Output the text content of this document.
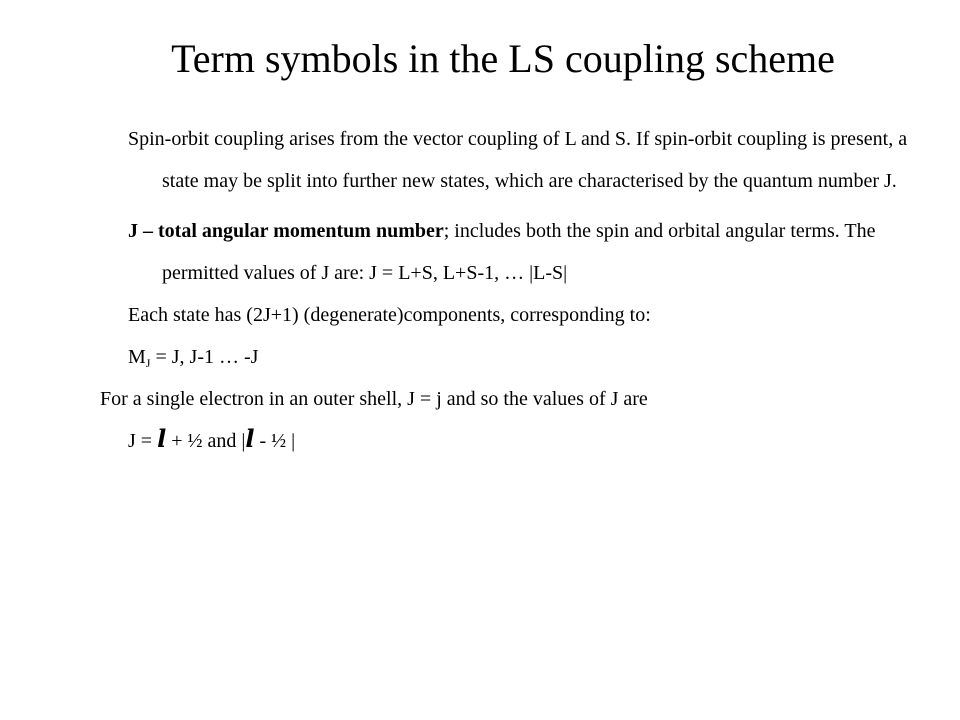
Term symbols in the LS coupling scheme

Spin-orbit coupling arises from the vector coupling of L and S. If spin-orbit coupling is present, a state may be split into further new states, which are characterised by the quantum number J.

J – total angular momentum number; includes both the spin and orbital angular terms. The permitted values of J are: J = L+S, L+S-1, … |L-S|

Each state has (2J+1) (degenerate)components, corresponding to:

$M_J = J$, J-1 … -J

For a single electron in an outer shell, J = j and so the values of J are

J = l + ½ and |l - ½ |
